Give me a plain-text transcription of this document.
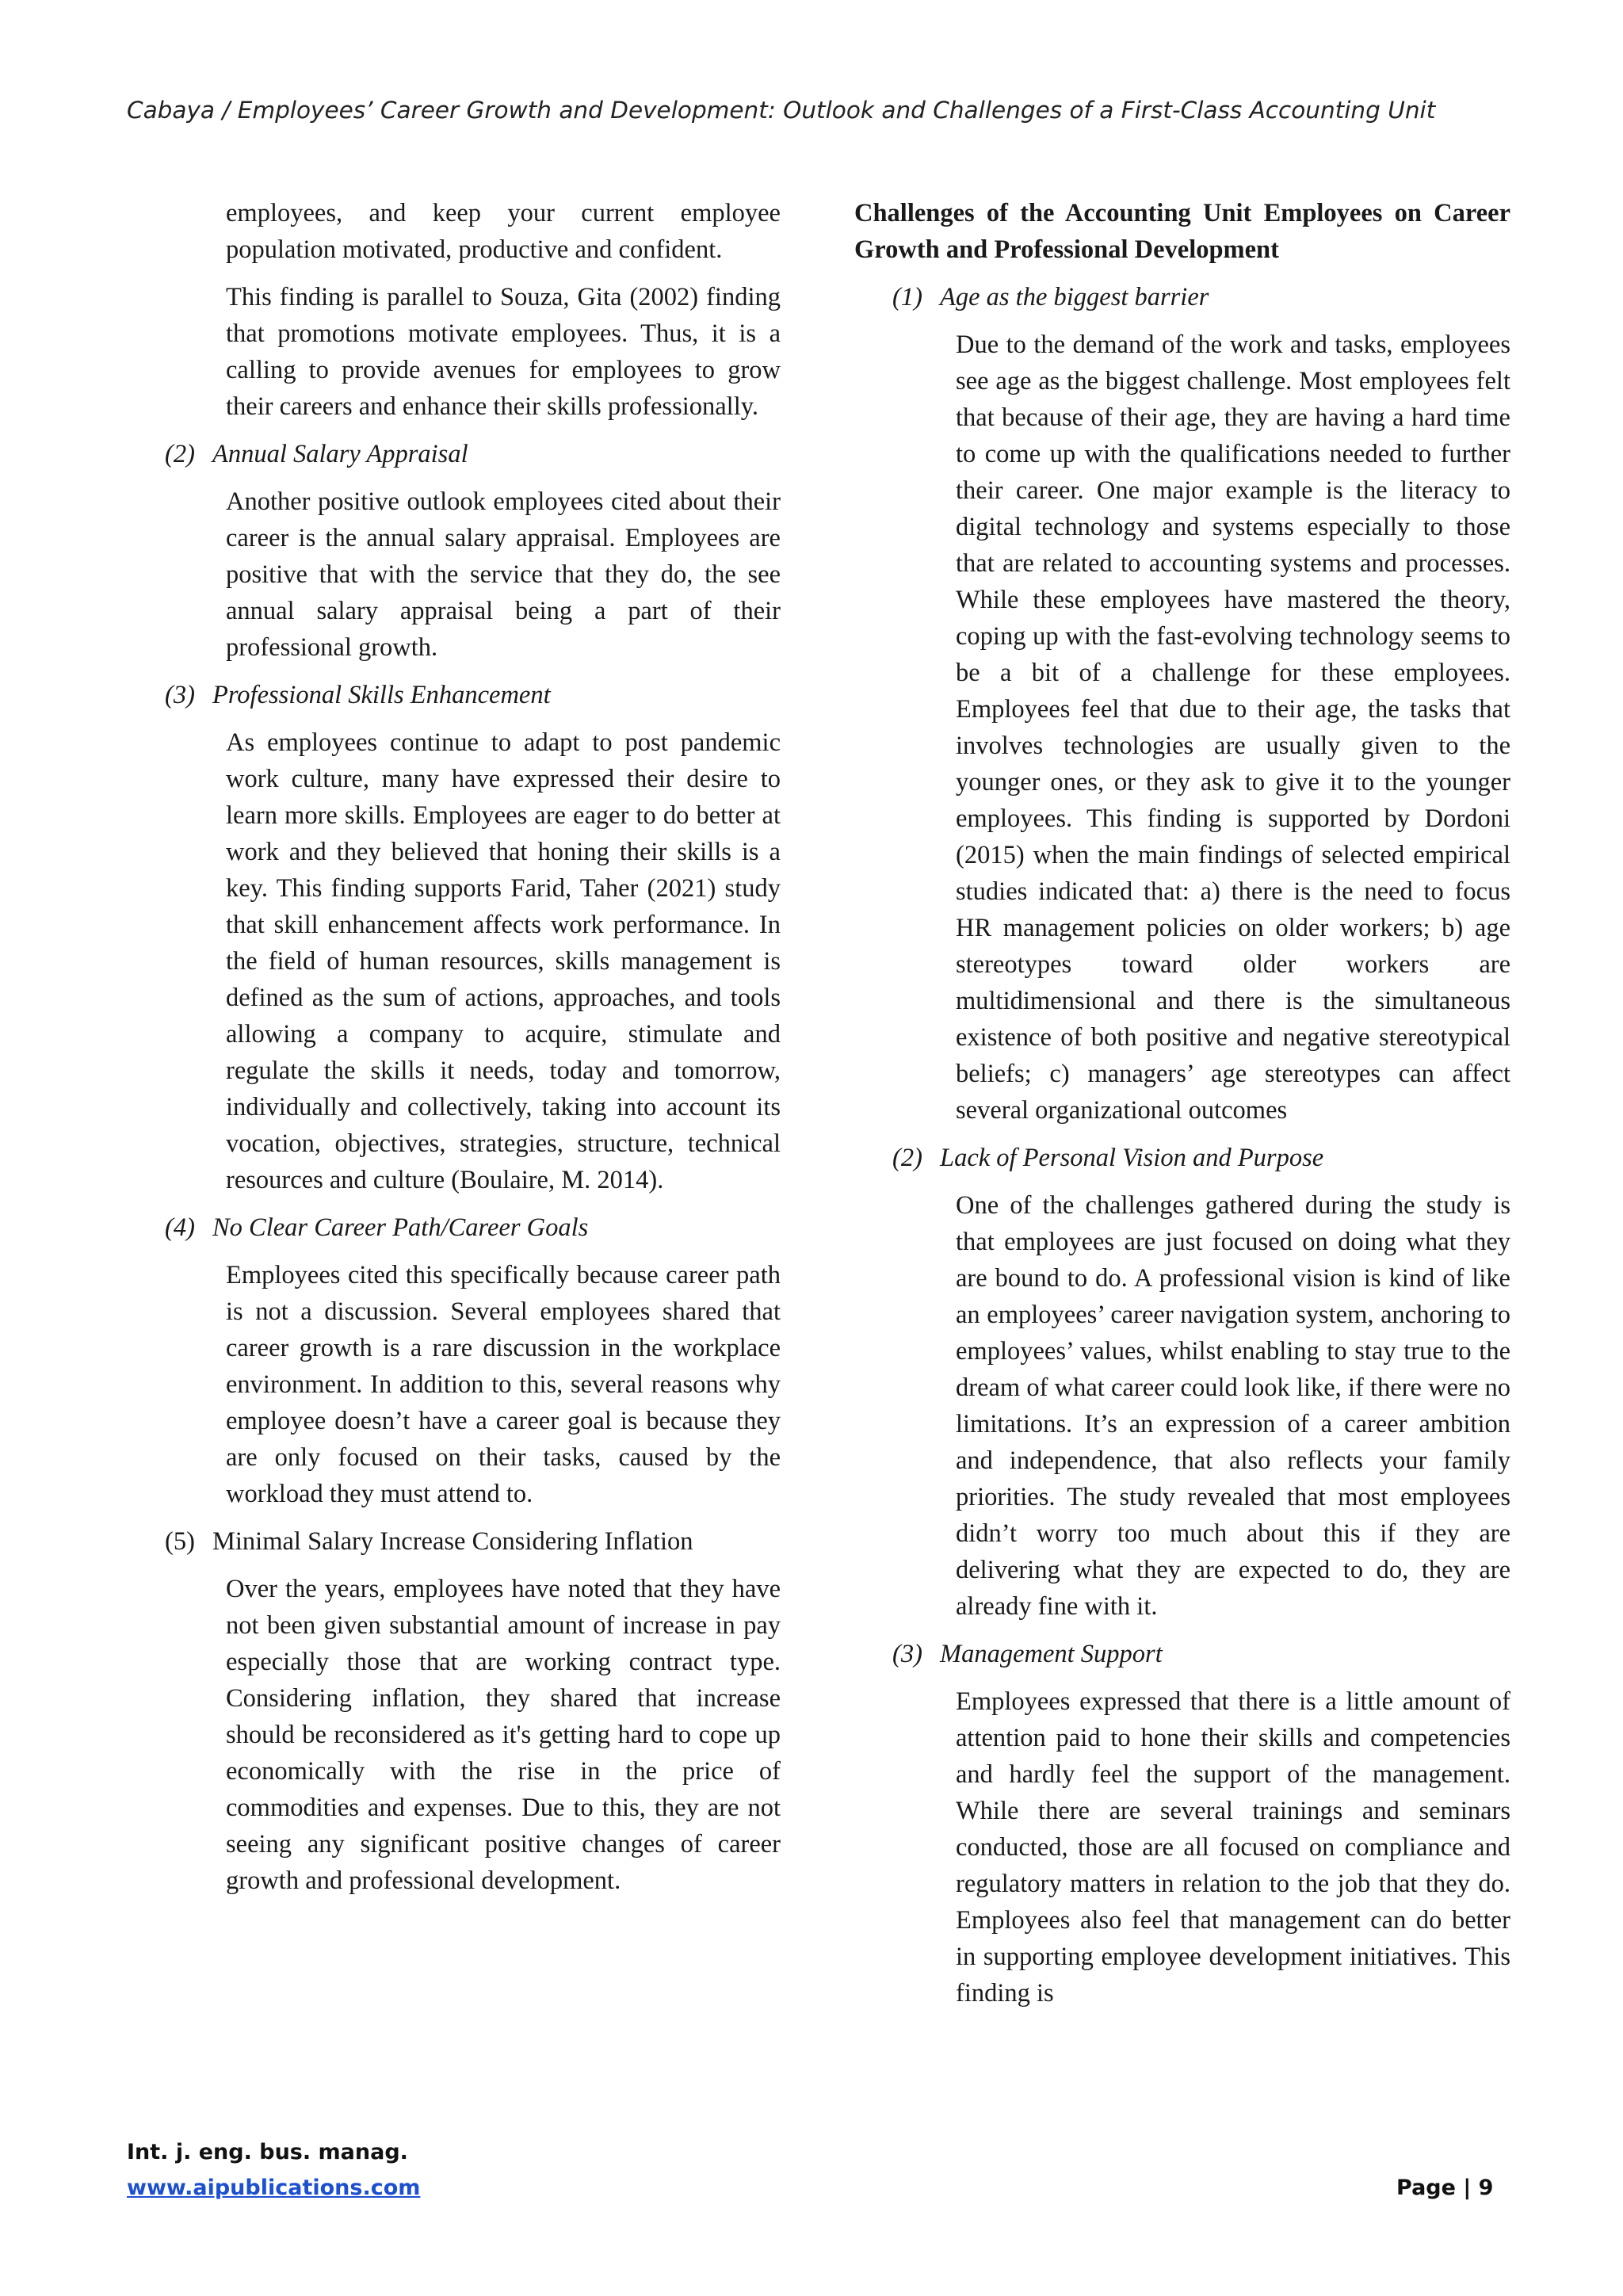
Cabaya / Employees’ Career Growth and Development: Outlook and Challenges of a First-Class Accounting Unit

employees, and keep your current employee population motivated, productive and confident.

This finding is parallel to Souza, Gita (2002) finding that promotions motivate employees. Thus, it is a calling to provide avenues for employees to grow their careers and enhance their skills professionally.

(2) Annual Salary Appraisal

Another positive outlook employees cited about their career is the annual salary appraisal. Employees are positive that with the service that they do, the see annual salary appraisal being a part of their professional growth.

(3) Professional Skills Enhancement

As employees continue to adapt to post pandemic work culture, many have expressed their desire to learn more skills. Employees are eager to do better at work and they believed that honing their skills is a key. This finding supports Farid, Taher (2021) study that skill enhancement affects work performance. In the field of human resources, skills management is defined as the sum of actions, approaches, and tools allowing a company to acquire, stimulate and regulate the skills it needs, today and tomorrow, individually and collectively, taking into account its vocation, objectives, strategies, structure, technical resources and culture (Boulaire, M. 2014).

(4) No Clear Career Path/Career Goals

Employees cited this specifically because career path is not a discussion. Several employees shared that career growth is a rare discussion in the workplace environment. In addition to this, several reasons why employee doesn’t have a career goal is because they are only focused on their tasks, caused by the workload they must attend to.

(5) Minimal Salary Increase Considering Inflation

Over the years, employees have noted that they have not been given substantial amount of increase in pay especially those that are working contract type. Considering inflation, they shared that increase should be reconsidered as it's getting hard to cope up economically with the rise in the price of commodities and expenses. Due to this, they are not seeing any significant positive changes of career growth and professional development.

Challenges of the Accounting Unit Employees on Career Growth and Professional Development

(1) Age as the biggest barrier

Due to the demand of the work and tasks, employees see age as the biggest challenge. Most employees felt that because of their age, they are having a hard time to come up with the qualifications needed to further their career. One major example is the literacy to digital technology and systems especially to those that are related to accounting systems and processes. While these employees have mastered the theory, coping up with the fast-evolving technology seems to be a bit of a challenge for these employees. Employees feel that due to their age, the tasks that involves technologies are usually given to the younger ones, or they ask to give it to the younger employees. This finding is supported by Dordoni (2015) when the main findings of selected empirical studies indicated that: a) there is the need to focus HR management policies on older workers; b) age stereotypes toward older workers are multidimensional and there is the simultaneous existence of both positive and negative stereotypical beliefs; c) managers’ age stereotypes can affect several organizational outcomes

(2) Lack of Personal Vision and Purpose

One of the challenges gathered during the study is that employees are just focused on doing what they are bound to do. A professional vision is kind of like an employees’ career navigation system, anchoring to employees’ values, whilst enabling to stay true to the dream of what career could look like, if there were no limitations. It’s an expression of a career ambition and independence, that also reflects your family priorities. The study revealed that most employees didn’t worry too much about this if they are delivering what they are expected to do, they are already fine with it.

(3) Management Support

Employees expressed that there is a little amount of attention paid to hone their skills and competencies and hardly feel the support of the management. While there are several trainings and seminars conducted, those are all focused on compliance and regulatory matters in relation to the job that they do. Employees also feel that management can do better in supporting employee development initiatives. This finding is

Int. j. eng. bus. manag.
www.aipublications.com	Page | 9
